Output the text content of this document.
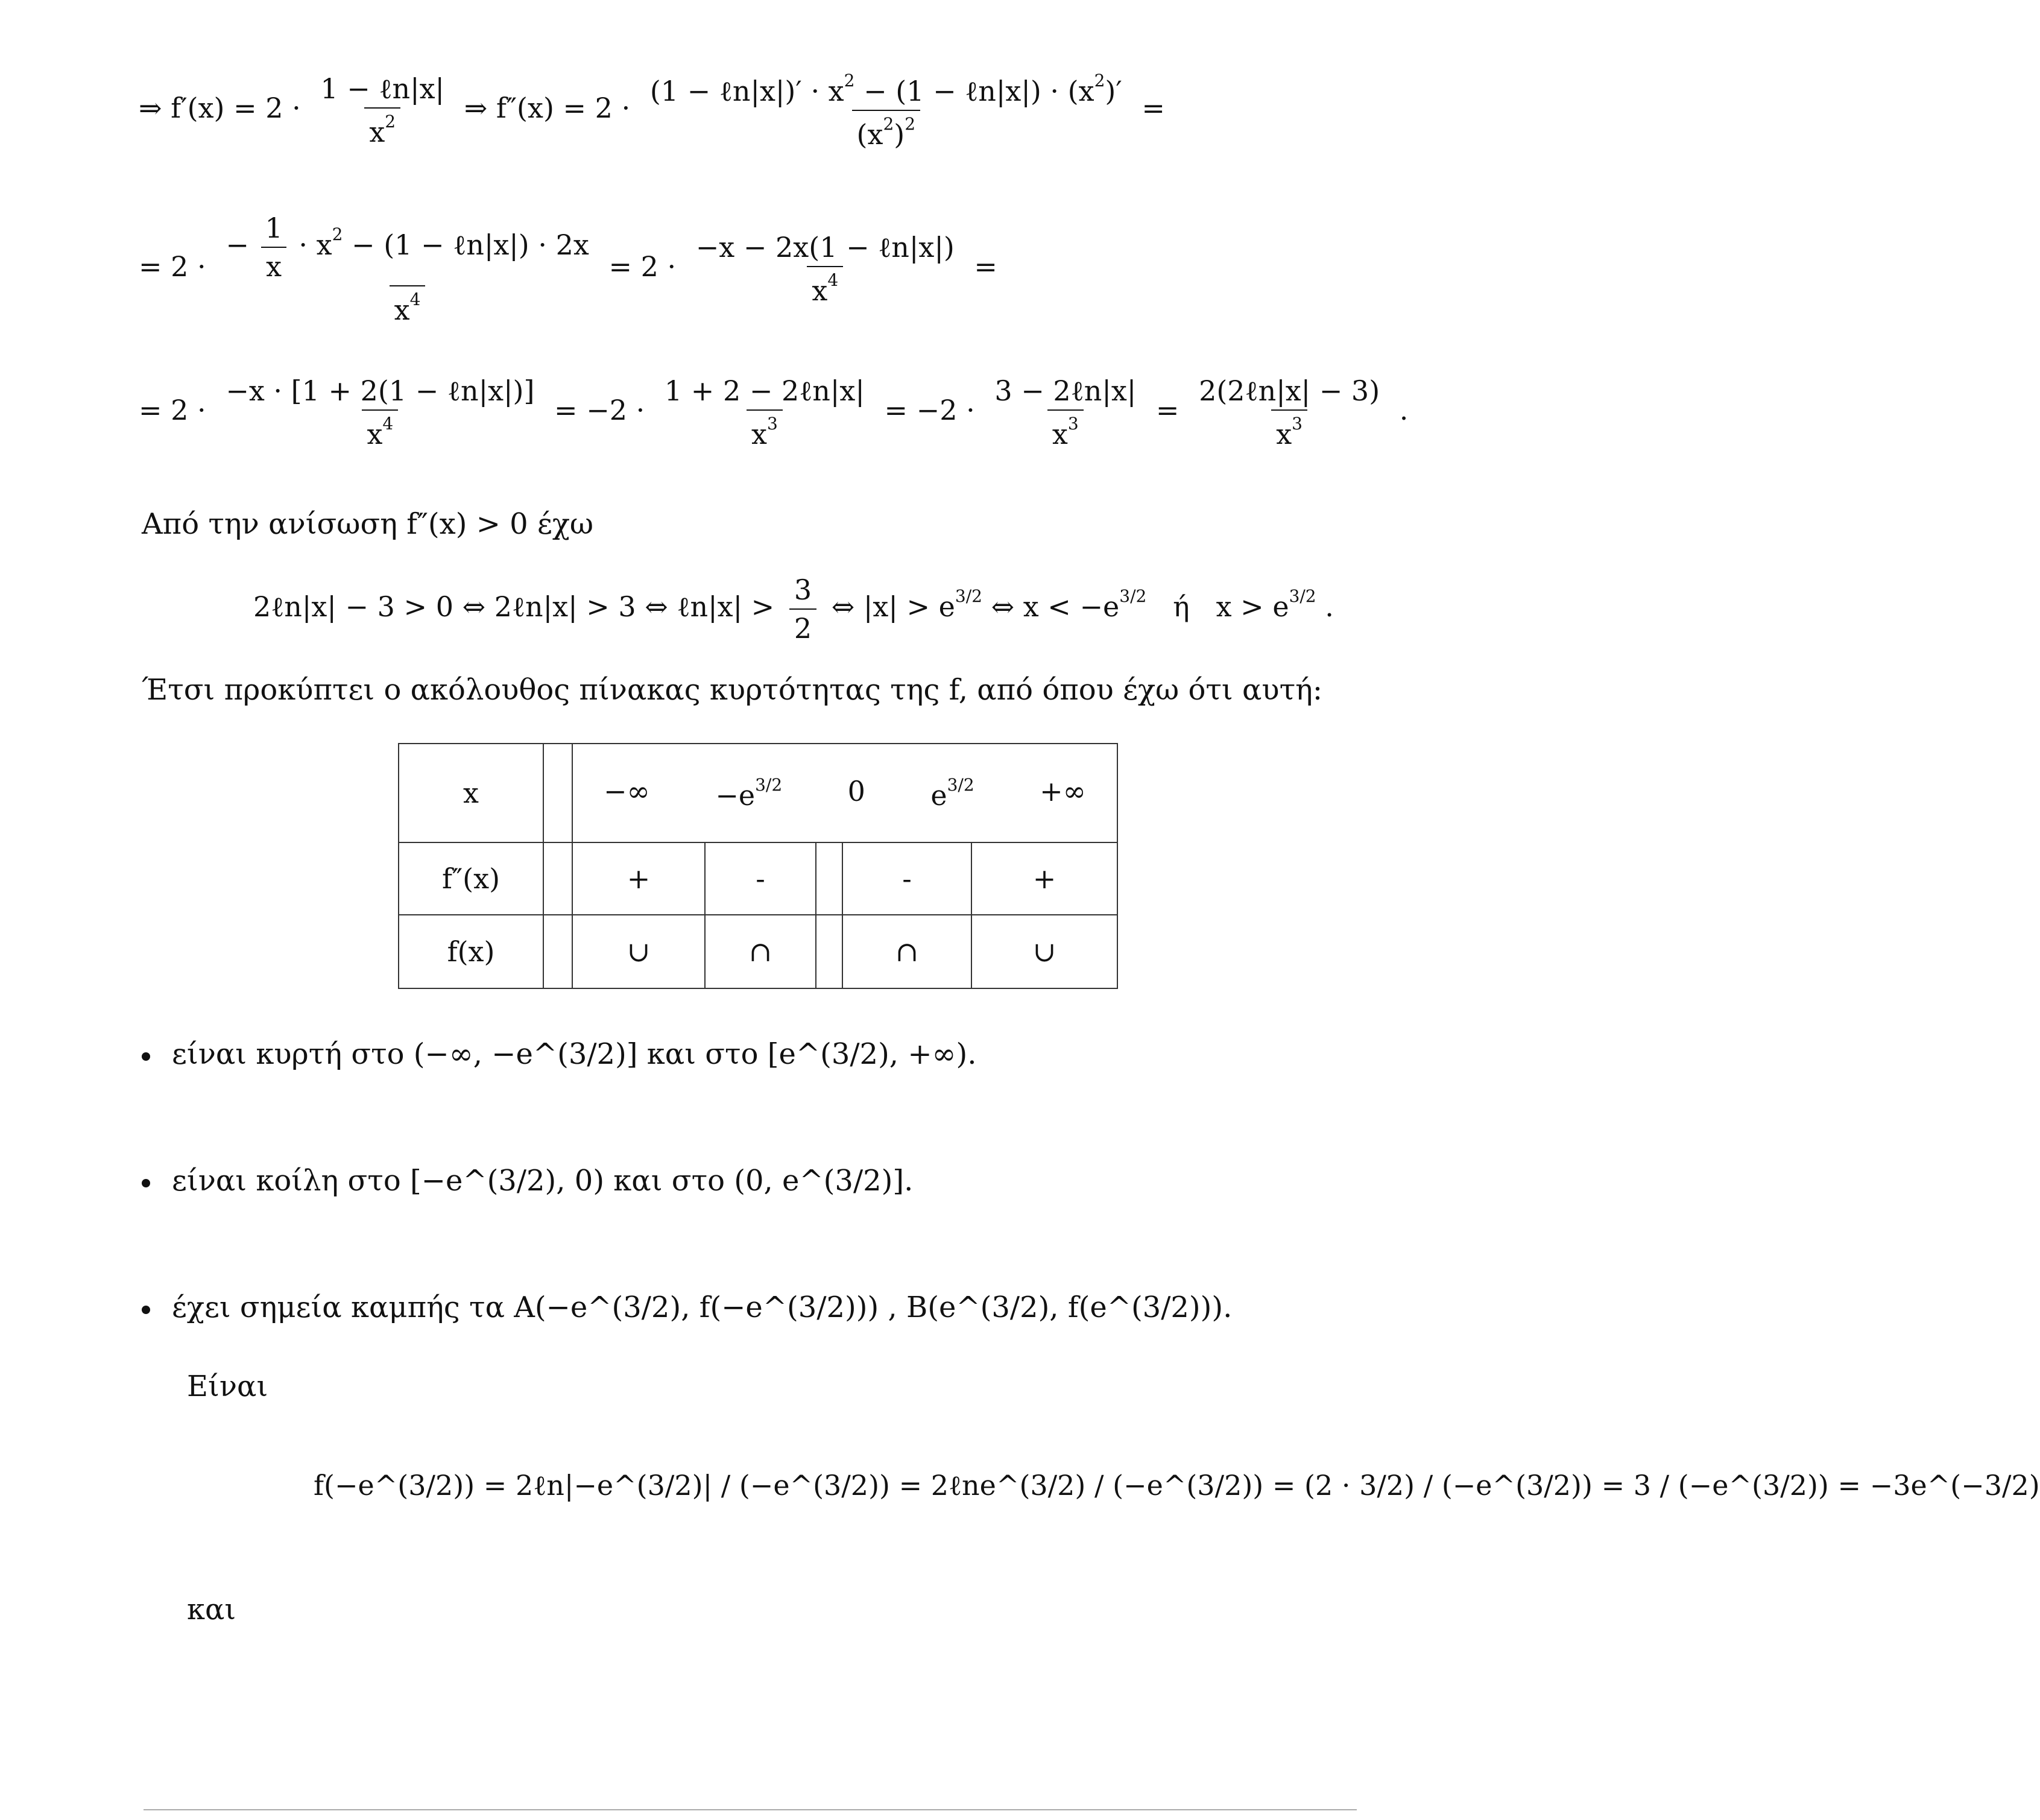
⇒ $f'(x) = 2 \cdot \frac{\text{1 − ℓn|x|}}{x^2}$ ⇒ $f''(x) = 2 \cdot \frac{(1 - \ell n|x|)' \cdot x^2 - (1 - \ell n|x|) \cdot (x^2)'}{(x^2)^2}$ =
= $2 \cdot \frac{- \frac{1}{x} \cdot x^2 - (1 - \ell n|x|) \cdot 2x}{x^4} = 2 \cdot \frac{\text{−x − 2x(1 − ℓn|x|)}}{x^4}$ =
= $2 \cdot \frac{\text{−x · [1 + 2(1 − ℓn|x|)]}}{x^4} = -2 \cdot \frac{\text{1 + 2 − 2ℓn|x|}}{x^3} = -2 \cdot \frac{\text{3 − 2ℓn|x|}}{x^3} = \frac{\text{2(2ℓn|x| − 3)}}{x^3}$ .
Από την ανίσωση f″(x) > 0 έχω
2ℓn|x| − 3 > 0 ⇔ 2ℓn|x| > 3 ⇔ ℓn|x| > $\frac{3}{2}$ ⇔ $|x| > e^{3/2}$ ⇔ $x < -e^{3/2}$   ή   $x > e^{3/2}$ .
Έτσι προκύπτει ο ακόλουθος πίνακας κυρτότητας της f, από όπου έχω ότι αυτή:
x		−∞ $-e^{3/2}$ 0 $e^{3/2}$ +∞				

f″(x)		+	-		-	+
f(x)		∪	∩		∩	∪
είναι κυρτή στο (−∞, −e^(3/2)] και στο [e^(3/2), +∞).
είναι κοίλη στο [−e^(3/2), 0) και στο (0, e^(3/2)].
έχει σημεία καμπής τα A(−e^(3/2), f(−e^(3/2))) , B(e^(3/2), f(e^(3/2))).
Είναι
f(−e^(3/2)) = 2ℓn|−e^(3/2)| / (−e^(3/2)) = 2ℓne^(3/2) / (−e^(3/2)) = (2 · 3/2) / (−e^(3/2)) = 3 / (−e^(3/2)) = −3e^(−3/2)
και
